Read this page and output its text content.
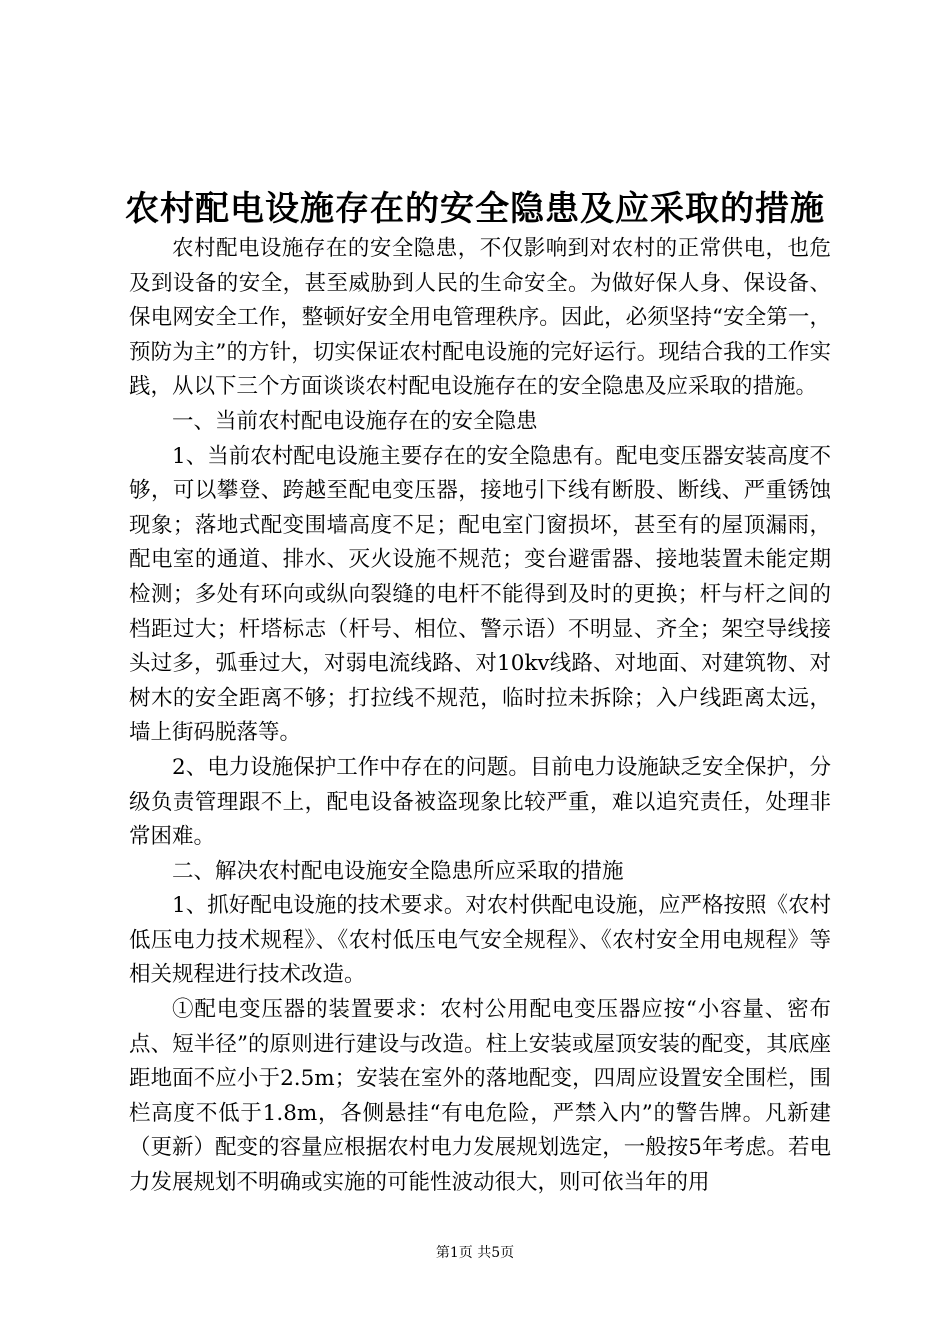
农村配电设施存在的安全隐患及应采取的措施

农村配电设施存在的安全隐患，不仅影响到对农村的正常供电，也危及到设备的安全，甚至威胁到人民的生命安全。为做好保人身、保设备、保电网安全工作，整顿好安全用电管理秩序。因此，必须坚持“安全第一，预防为主”的方针，切实保证农村配电设施的完好运行。现结合我的工作实践，从以下三个方面谈谈农村配电设施存在的安全隐患及应采取的措施。

一、当前农村配电设施存在的安全隐患

1、当前农村配电设施主要存在的安全隐患有。配电变压器安装高度不够，可以攀登、跨越至配电变压器，接地引下线有断股、断线、严重锈蚀现象；落地式配变围墙高度不足；配电室门窗损坏，甚至有的屋顶漏雨，配电室的通道、排水、灭火设施不规范；变台避雷器、接地装置未能定期检测；多处有环向或纵向裂缝的电杆不能得到及时的更换；杆与杆之间的档距过大；杆塔标志（杆号、相位、警示语）不明显、齐全；架空导线接头过多，弧垂过大，对弱电流线路、对10kv线路、对地面、对建筑物、对树木的安全距离不够；打拉线不规范，临时拉未拆除；入户线距离太远，墙上街码脱落等。

2、电力设施保护工作中存在的问题。目前电力设施缺乏安全保护，分级负责管理跟不上，配电设备被盗现象比较严重，难以追究责任，处理非常困难。

二、解决农村配电设施安全隐患所应采取的措施

1、抓好配电设施的技术要求。对农村供配电设施，应严格按照《农村低压电力技术规程》、《农村低压电气安全规程》、《农村安全用电规程》等相关规程进行技术改造。

①配电变压器的装置要求：农村公用配电变压器应按“小容量、密布点、短半径”的原则进行建设与改造。柱上安装或屋顶安装的配变，其底座距地面不应小于2.5m；安装在室外的落地配变，四周应设置安全围栏，围栏高度不低于1.8m，各侧悬挂“有电危险，严禁入内”的警告牌。凡新建（更新）配变的容量应根据农村电力发展规划选定，一般按5年考虑。若电力发展规划不明确或实施的可能性波动很大，则可依当年的用

第1页 共5页
